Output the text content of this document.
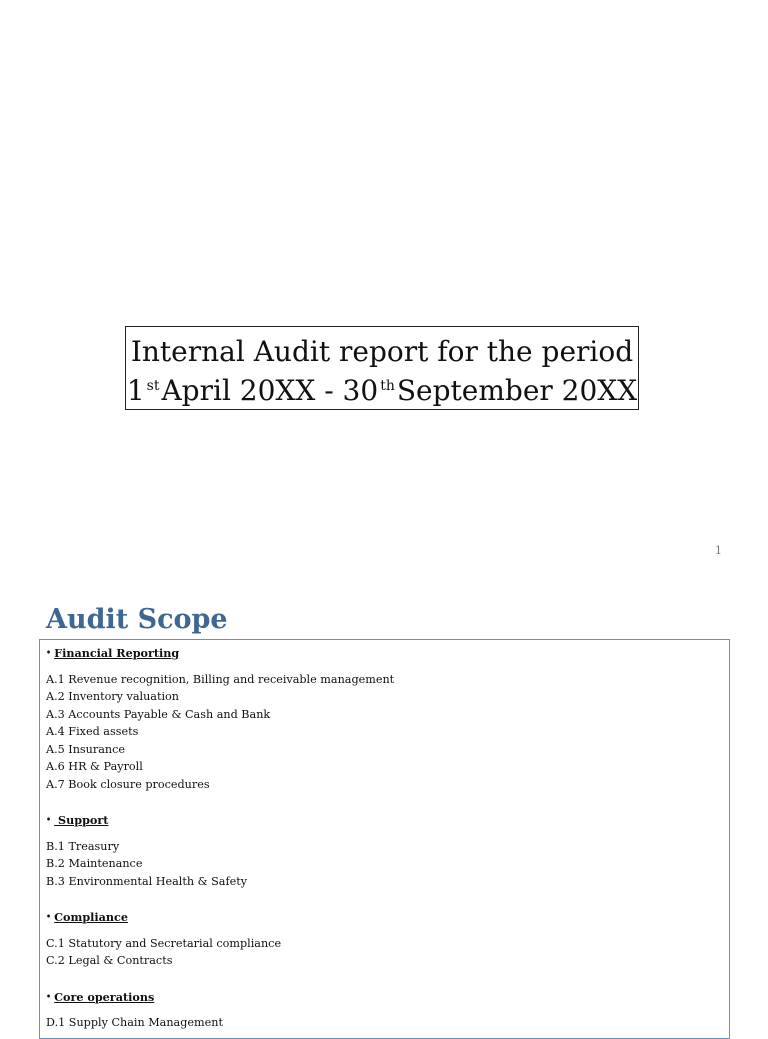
Internal Audit report for the period
1 $^{st}$April 20XX - 30 $^{th}$September 20XX
1
Audit Scope
• Financial Reporting
A.1 Revenue recognition, Billing and receivable management
A.2 Inventory valuation
A.3 Accounts Payable & Cash and Bank
A.4 Fixed assets
A.5 Insurance
A.6 HR & Payroll
A.7 Book closure procedures
• Support
B.1 Treasury
B.2 Maintenance
B.3 Environmental Health & Safety
• Compliance
C.1 Statutory and Secretarial compliance
C.2 Legal & Contracts
• Core operations
D.1 Supply Chain Management
